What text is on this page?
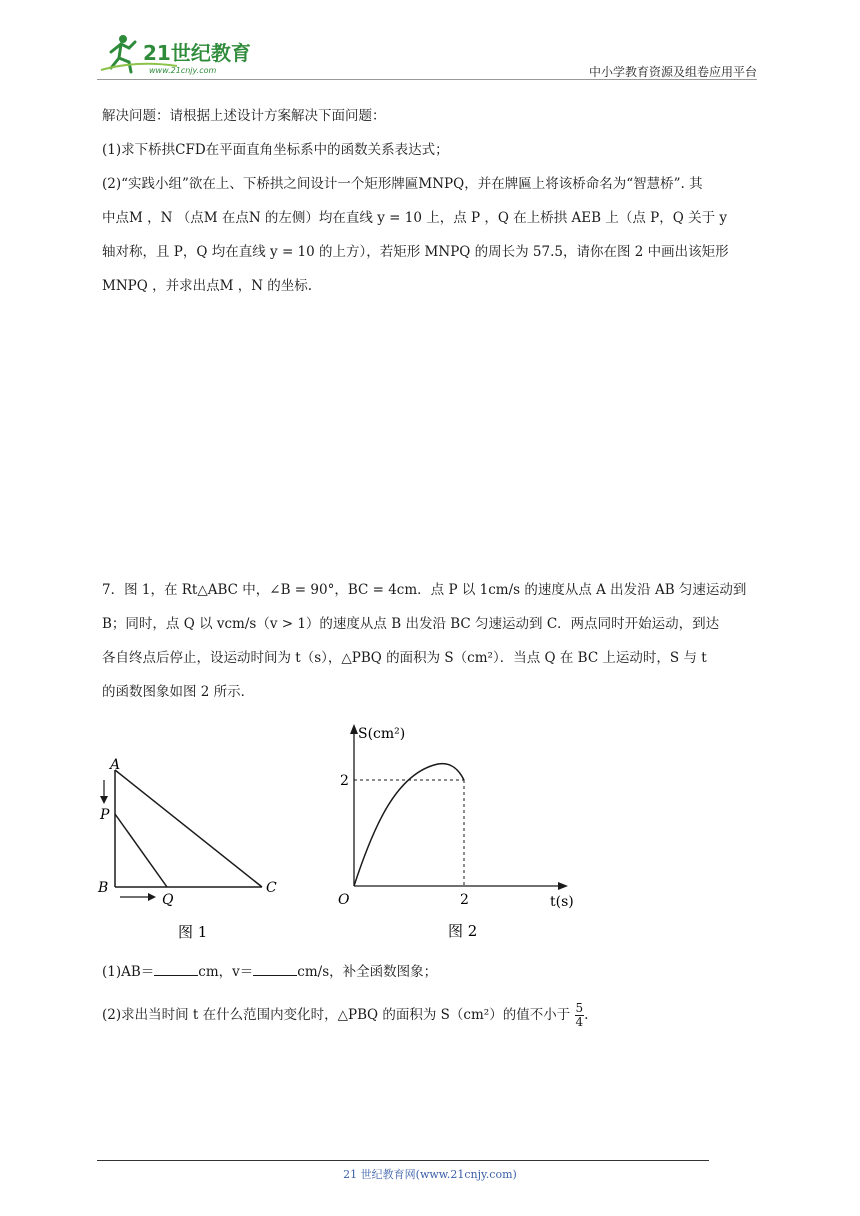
21世纪教育
www.21cnjy.com	中小学教育资源及组卷应用平台
解决问题：请根据上述设计方案解决下面问题：
(1)求下桥拱CFD在平面直角坐标系中的函数关系表达式；
(2)“实践小组”欲在上、下桥拱之间设计一个矩形牌匾MNPQ，并在牌匾上将该桥命名为“智慧桥”. 其
中点M ，N （点M 在点N 的左侧）均在直线 y = 10 上，点 P ，Q 在上桥拱 AEB 上（点 P，Q 关于 y
轴对称，且 P，Q 均在直线 y = 10 的上方），若矩形 MNPQ 的周长为 57.5，请你在图 2 中画出该矩形
MNPQ ，并求出点M ，N 的坐标.
7．图 1，在 Rt△ABC 中，∠B = 90°，BC = 4cm．点 P 以 1cm/s 的速度从点 A 出发沿 AB 匀速运动到
B；同时，点 Q 以 vcm/s（v > 1）的速度从点 B 出发沿 BC 匀速运动到 C．两点同时开始运动，到达
各自终点后停止，设运动时间为 t（s），△PBQ 的面积为 S（cm²）．当点 Q 在 BC 上运动时，S 与 t
的函数图象如图 2 所示．
A
P
B
Q
C
图 1
S(cm²)
t(s)
O
2
2
图 2
(1)AB＝	cm，v＝	cm/s，补全函数图象；
(2)求出当时间 t 在什么范围内变化时，△PBQ 的面积为 S（cm²）的值不小于 $\frac{5}{4}$ .
21 世纪教育网(www.21cnjy.com)
